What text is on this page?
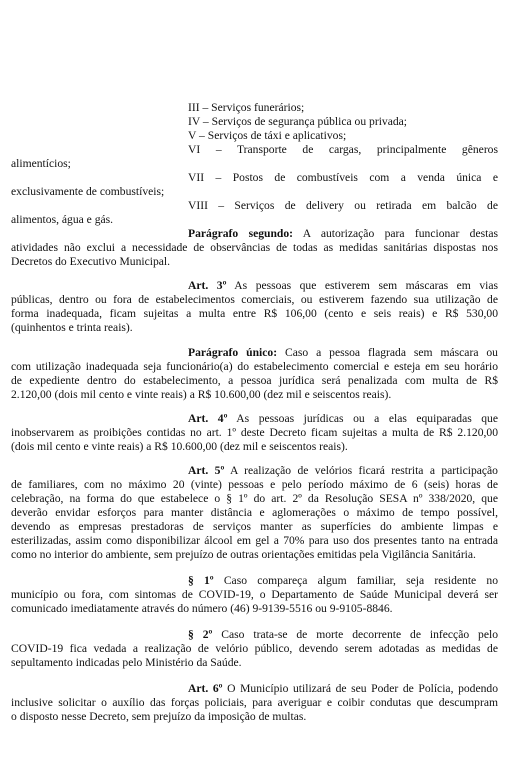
III – Serviços funerários;
IV – Serviços de segurança pública ou privada;
V – Serviços de táxi e aplicativos;
VI – Transporte de cargas, principalmente gêneros
alimentícios;
VII – Postos de combustíveis com a venda única e
exclusivamente de combustíveis;
VIII – Serviços de delivery ou retirada em balcão de
alimentos, água e gás.
Parágrafo segundo: A autorização para funcionar destas
atividades não exclui a necessidade de observâncias de todas as medidas sanitárias dispostas nos
Decretos do Executivo Municipal.
Art. 3º As pessoas que estiverem sem máscaras em vias
públicas, dentro ou fora de estabelecimentos comerciais, ou estiverem fazendo sua utilização de
forma inadequada, ficam sujeitas a multa entre R$ 106,00 (cento e seis reais) e R$ 530,00
(quinhentos e trinta reais).
Parágrafo único: Caso a pessoa flagrada sem máscara ou
com utilização inadequada seja funcionário(a) do estabelecimento comercial e esteja em seu horário
de expediente dentro do estabelecimento, a pessoa jurídica será penalizada com multa de R$
2.120,00 (dois mil cento e vinte reais) a R$ 10.600,00 (dez mil e seiscentos reais).
Art. 4º As pessoas jurídicas ou a elas equiparadas que
inobservarem as proibições contidas no art. 1º deste Decreto ficam sujeitas a multa de R$ 2.120,00
(dois mil cento e vinte reais) a R$ 10.600,00 (dez mil e seiscentos reais).
Art. 5º A realização de velórios ficará restrita a participação
de familiares, com no máximo 20 (vinte) pessoas e pelo período máximo de 6 (seis) horas de
celebração, na forma do que estabelece o § 1º do art. 2º da Resolução SESA nº 338/2020, que
deverão envidar esforços para manter distância e aglomerações o máximo de tempo possível,
devendo as empresas prestadoras de serviços manter as superfícies do ambiente limpas e
esterilizadas, assim como disponibilizar álcool em gel a 70% para uso dos presentes tanto na entrada
como no interior do ambiente, sem prejuízo de outras orientações emitidas pela Vigilância Sanitária.
§ 1º Caso compareça algum familiar, seja residente no
município ou fora, com sintomas de COVID-19, o Departamento de Saúde Municipal deverá ser
comunicado imediatamente através do número (46) 9-9139-5516 ou 9-9105-8846.
§ 2º Caso trata-se de morte decorrente de infecção pelo
COVID-19 fica vedada a realização de velório público, devendo serem adotadas as medidas de
sepultamento indicadas pelo Ministério da Saúde.
Art. 6º O Município utilizará de seu Poder de Polícia, podendo
inclusive solicitar o auxílio das forças policiais, para averiguar e coibir condutas que descumpram
o disposto nesse Decreto, sem prejuízo da imposição de multas.
